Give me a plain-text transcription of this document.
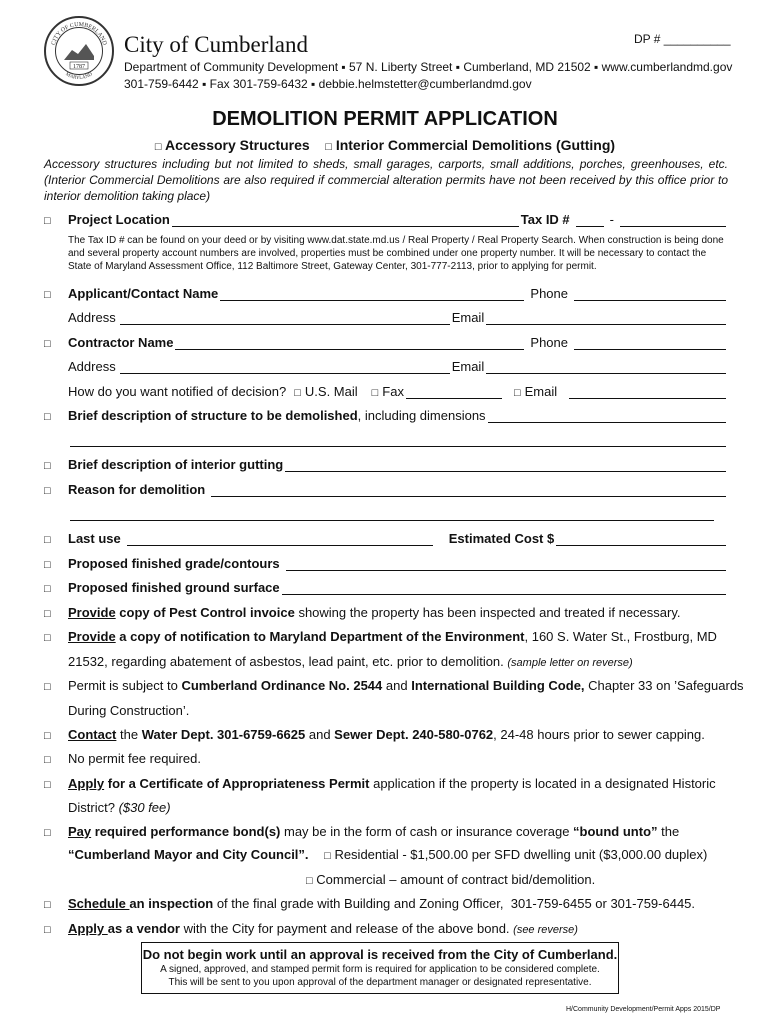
CITY OF CUMBERLAND
MARYLAND
1787
City of Cumberland	DP # __________
Department of Community Development ▪ 57 N. Liberty Street ▪ Cumberland, MD 21502 ▪ www.cumberlandmd.gov
301-759-6442 ▪ Fax 301-759-6432 ▪ debbie.helmstetter@cumberlandmd.gov
DEMOLITION PERMIT APPLICATION
□ Accessory Structures □ Interior Commercial Demolitions (Gutting)
Accessory structures including but not limited to sheds, small garages, carports, small additions, porches, greenhouses, etc. (Interior Commercial Demolitions are also required if commercial alteration permits have not been received by this office prior to interior demolition taking place)
□	Project Location	Tax ID #	-
The Tax ID # can be found on your deed or by visiting www.dat.state.md.us / Real Property / Real Property Search. When construction is being done and several property account numbers are involved, properties must be combined under one property number. It will be necessary to contact the State of Maryland Assessment Office, 112 Baltimore Street, Gateway Center, 301-777-2113, prior to applying for permit.
□	Applicant/Contact Name	Phone
Address	Email
□	Contractor Name	Phone
Address	Email
How do you want notified of decision? □ U.S. Mail □ Fax	□ Email
□	Brief description of structure to be demolished , including dimensions
□	Brief description of interior gutting
□	Reason for demolition
□	Last use	Estimated Cost $
□	Proposed finished grade/contours
□	Proposed finished ground surface
□	Provide copy of Pest Control invoice showing the property has been inspected and treated if necessary.
□	Provide a copy of notification to Maryland Department of the Environment , 160 S. Water St., Frostburg, MD
21532, regarding abatement of asbestos, lead paint, etc. prior to demolition. (sample letter on reverse)
□	Permit is subject to Cumberland Ordinance No. 2544 and International Building Code, Chapter 33 on ’Safeguards
During Construction’.
□	Contact the Water Dept. 301-6759-6625 and Sewer Dept. 240-580-0762 , 24-48 hours prior to sewer capping.
□	No permit fee required.
□	Apply for a Certificate of Appropriateness Permit application if the property is located in a designated Historic
District? ($30 fee)
□	Pay required performance bond(s) may be in the form of cash or insurance coverage “bound unto” the
“Cumberland Mayor and City Council”. □ Residential - $1,500.00 per SFD dwelling unit ($3,000.00 duplex)
□ Commercial – amount of contract bid/demolition.
□	Schedule an inspection of the final grade with Building and Zoning Officer,  301-759-6455 or 301-759-6445.
□	Apply as a vendor with the City for payment and release of the above bond. (see reverse)
Do not begin work until an approval is received from the City of Cumberland.
A signed, approved, and stamped permit form is required for application to be considered complete.
This will be sent to you upon approval of the department manager or designated representative.
H/Community Development/Permit Apps 2015/DP
